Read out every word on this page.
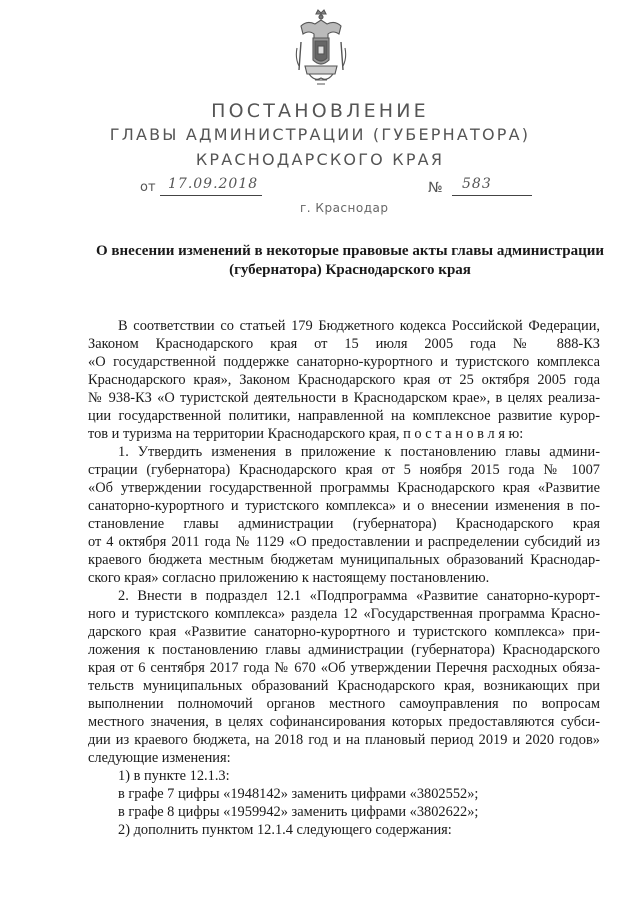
ПОСТАНОВЛЕНИЕ
ГЛАВЫ АДМИНИСТРАЦИИ (ГУБЕРНАТОРА)
КРАСНОДАРСКОГО КРАЯ
от 17.09.2018	№ 583
г. Краснодар
О внесении изменений в некоторые правовые акты главы администрации
(губернатора) Краснодарского края
В соответствии со статьей 179 Бюджетного кодекса Российской Федерации,
Законом Краснодарского края от 15 июля 2005 года № 888-КЗ
«О государственной поддержке санаторно-курортного и туристского комплекса
Краснодарского края», Законом Краснодарского края от 25 октября 2005 года
№ 938-КЗ «О туристской деятельности в Краснодарском крае», в целях реализа-
ции государственной политики, направленной на комплексное развитие курор-
тов и туризма на территории Краснодарского края, п о с т а н о в л я ю:
1. Утвердить изменения в приложение к постановлению главы админи-
страции (губернатора) Краснодарского края от 5 ноября 2015 года № 1007
«Об утверждении государственной программы Краснодарского края «Развитие
санаторно-курортного и туристского комплекса» и о внесении изменения в по-
становление главы администрации (губернатора) Краснодарского края
от 4 октября 2011 года № 1129 «О предоставлении и распределении субсидий из
краевого бюджета местным бюджетам муниципальных образований Краснодар-
ского края» согласно приложению к настоящему постановлению.
2. Внести в подраздел 12.1 «Подпрограмма «Развитие санаторно-курорт-
ного и туристского комплекса» раздела 12 «Государственная программа Красно-
дарского края «Развитие санаторно-курортного и туристского комплекса» при-
ложения к постановлению главы администрации (губернатора) Краснодарского
края от 6 сентября 2017 года № 670 «Об утверждении Перечня расходных обяза-
тельств муниципальных образований Краснодарского края, возникающих при
выполнении полномочий органов местного самоуправления по вопросам
местного значения, в целях софинансирования которых предоставляются субси-
дии из краевого бюджета, на 2018 год и на плановый период 2019 и 2020 годов»
следующие изменения:
1) в пункте 12.1.3:
в графе 7 цифры «1948142» заменить цифрами «3802552»;
в графе 8 цифры «1959942» заменить цифрами «3802622»;
2) дополнить пунктом 12.1.4 следующего содержания:
